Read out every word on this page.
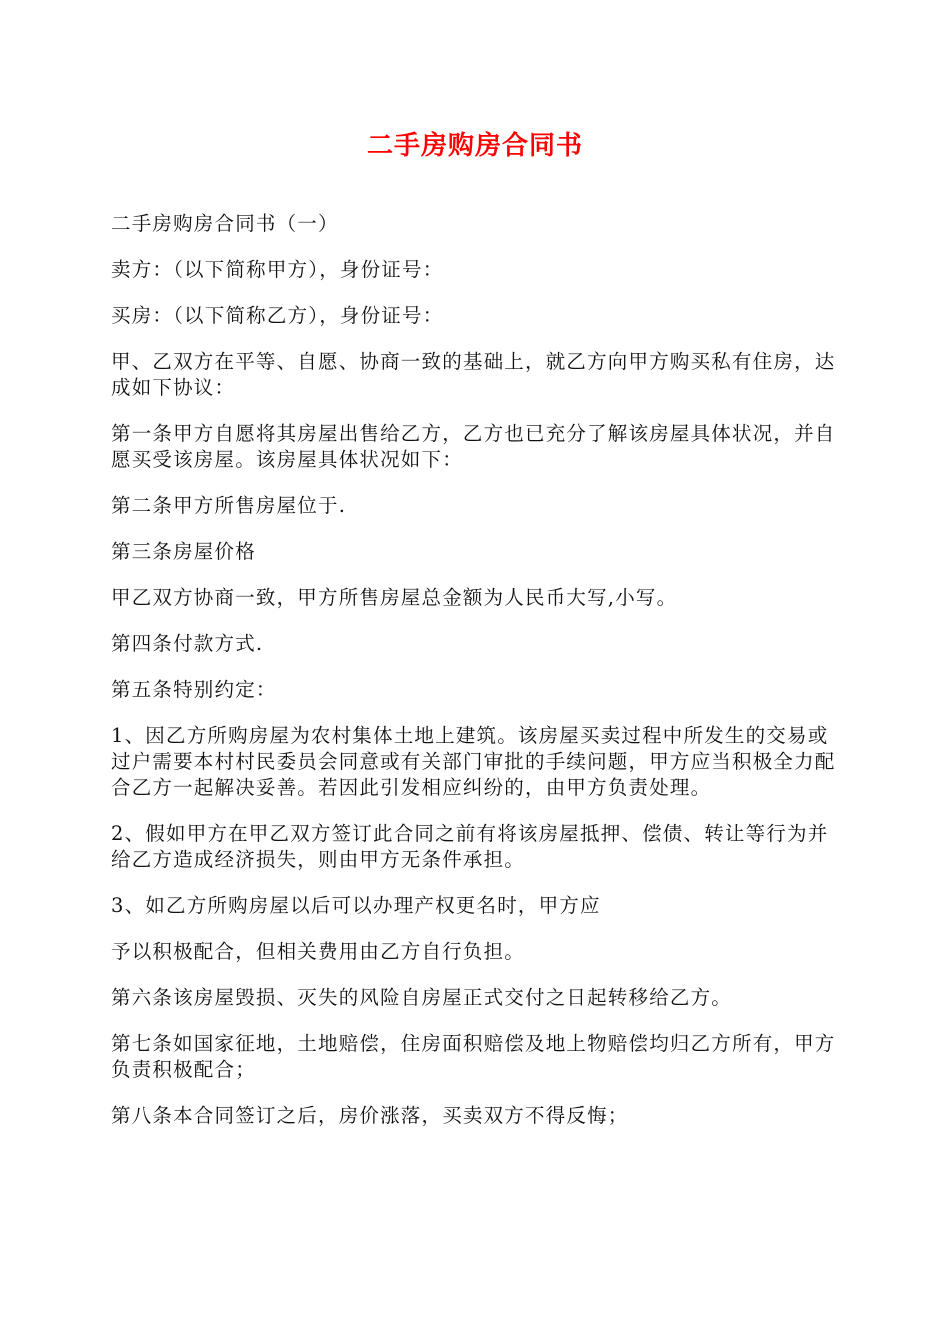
二手房购房合同书

二手房购房合同书（一）

卖方：（以下简称甲方），身份证号：

买房：（以下简称乙方），身份证号：

甲、乙双方在平等、自愿、协商一致的基础上，就乙方向甲方购买私有住房，达成如下协议：

第一条甲方自愿将其房屋出售给乙方，乙方也已充分了解该房屋具体状况，并自愿买受该房屋。该房屋具体状况如下：

第二条甲方所售房屋位于.

第三条房屋价格

甲乙双方协商一致，甲方所售房屋总金额为人民币大写,小写。

第四条付款方式.

第五条特别约定：

1、因乙方所购房屋为农村集体土地上建筑。该房屋买卖过程中所发生的交易或过户需要本村村民委员会同意或有关部门审批的手续问题，甲方应当积极全力配合乙方一起解决妥善。若因此引发相应纠纷的，由甲方负责处理。

2、假如甲方在甲乙双方签订此合同之前有将该房屋抵押、偿债、转让等行为并给乙方造成经济损失，则由甲方无条件承担。

3、如乙方所购房屋以后可以办理产权更名时，甲方应

予以积极配合，但相关费用由乙方自行负担。

第六条该房屋毁损、灭失的风险自房屋正式交付之日起转移给乙方。

第七条如国家征地，土地赔偿，住房面积赔偿及地上物赔偿均归乙方所有，甲方负责积极配合；

第八条本合同签订之后，房价涨落，买卖双方不得反悔；
